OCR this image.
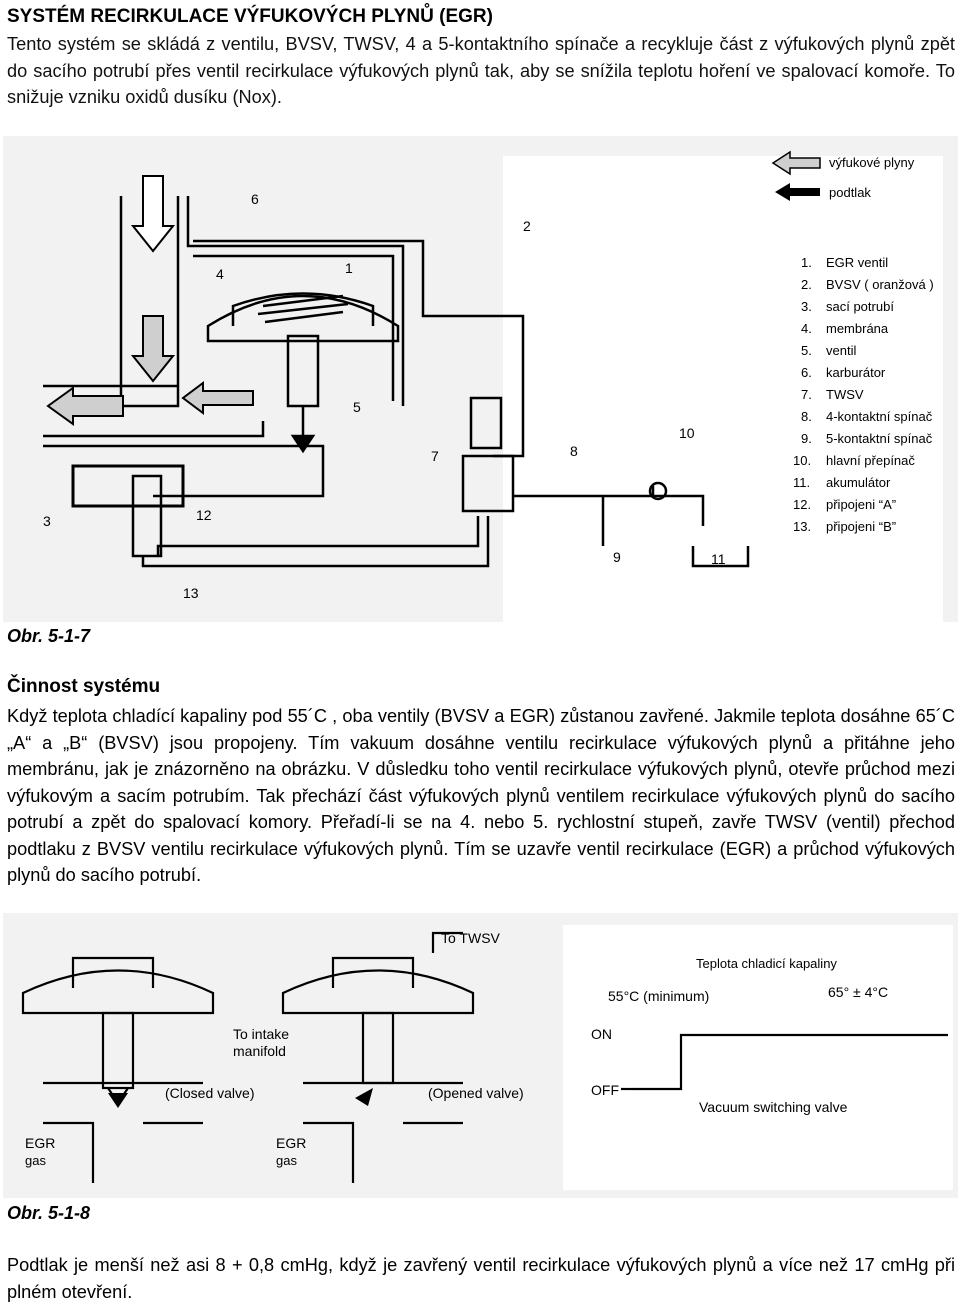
SYSTÉM RECIRKULACE VÝFUKOVÝCH PLYNŮ (EGR)
Tento systém se skládá z ventilu, BVSV, TWSV, 4 a 5-kontaktního spínače a recykluje část z výfukových plynů zpět do sacího potrubí přes ventil recirkulace výfukových plynů tak, aby se snížila teplotu hoření ve spalovací komoře. To snižuje vzniku oxidů dusíku (Nox).
1
2
3
4
5
6
7	8
9
10
11
12
13
výfukové plyny
podtlak
1. EGR ventil
2. BVSV ( oranžová )
3. sací potrubí
4. membrána
5. ventil
6. karburátor
7. TWSV
8. 4-kontaktní spínač
9. 5-kontaktní spínač
10. hlavní přepínač
11. akumulátor
12. připojeni “A”
13. připojeni “B”
Obr. 5-1-7
Činnost systému
Když teplota chladící kapaliny pod 55´C , oba ventily (BVSV a EGR) zůstanou zavřené. Jakmile teplota dosáhne 65´C „A“ a „B“ (BVSV) jsou propojeny. Tím vakuum dosáhne ventilu recirkulace výfukových plynů a přitáhne jeho membránu, jak je znázorněno na obrázku. V důsledku toho ventil recirkulace výfukových plynů, otevře průchod mezi výfukovým a sacím potrubím. Tak přechází část výfukových plynů ventilem recirkulace výfukových plynů do sacího potrubí a zpět do spalovací komory. Přeřadí-li se na 4. nebo 5. rychlostní stupeň, zavře TWSV (ventil) přechod podtlaku z BVSV ventilu recirkulace výfukových plynů. Tím se uzavře ventil recirkulace (EGR) a průchod výfukových plynů do sacího potrubí.
To TWSV
To intake
manifold
(Closed valve)	(Opened valve)
EGR
gas
EGR
gas
Teplota chladicí kapaliny
55°C (minimum)	65° ± 4°C
ON
OFF
Vacuum switching valve
Obr. 5-1-8
Podtlak je menší než asi 8 + 0,8 cmHg, když je zavřený ventil recirkulace výfukových plynů a více než 17 cmHg při plném otevření.
